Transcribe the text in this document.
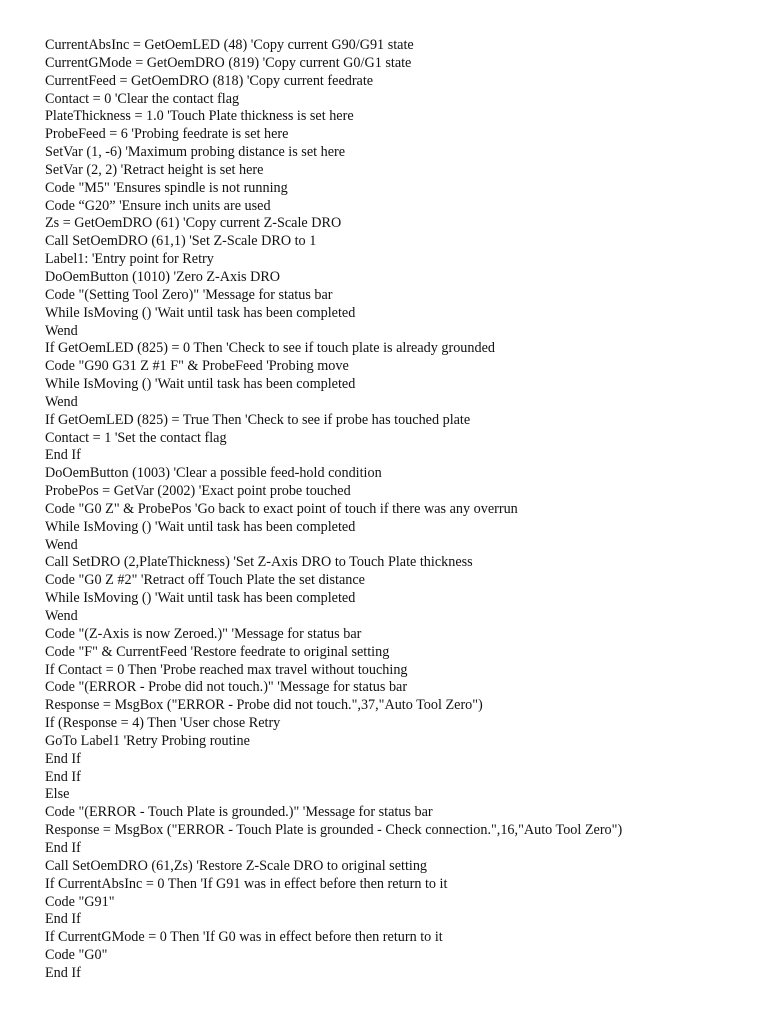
CurrentAbsInc = GetOemLED (48) 'Copy current G90/G91 state
CurrentGMode = GetOemDRO (819) 'Copy current G0/G1 state
CurrentFeed = GetOemDRO (818) 'Copy current feedrate
Contact = 0 'Clear the contact flag
PlateThickness = 1.0 'Touch Plate thickness is set here
ProbeFeed = 6 'Probing feedrate is set here
SetVar (1, -6) 'Maximum probing distance is set here
SetVar (2, 2) 'Retract height is set here
Code "M5" 'Ensures spindle is not running
Code “G20” 'Ensure inch units are used
Zs = GetOemDRO (61) 'Copy current Z-Scale DRO
Call SetOemDRO (61,1) 'Set Z-Scale DRO to 1
Label1: 'Entry point for Retry
DoOemButton (1010) 'Zero Z-Axis DRO
Code "(Setting Tool Zero)" 'Message for status bar
While IsMoving () 'Wait until task has been completed
Wend
If GetOemLED (825) = 0 Then 'Check to see if touch plate is already grounded
Code "G90 G31 Z #1 F" & ProbeFeed 'Probing move
While IsMoving () 'Wait until task has been completed
Wend
If GetOemLED (825) = True Then 'Check to see if probe has touched plate
Contact = 1 'Set the contact flag
End If
DoOemButton (1003) 'Clear a possible feed-hold condition
ProbePos = GetVar (2002) 'Exact point probe touched
Code "G0 Z" & ProbePos 'Go back to exact point of touch if there was any overrun
While IsMoving () 'Wait until task has been completed
Wend
Call SetDRO (2,PlateThickness) 'Set Z-Axis DRO to Touch Plate thickness
Code "G0 Z #2" 'Retract off Touch Plate the set distance
While IsMoving () 'Wait until task has been completed
Wend
Code "(Z-Axis is now Zeroed.)" 'Message for status bar
Code "F" & CurrentFeed 'Restore feedrate to original setting
If Contact = 0 Then 'Probe reached max travel without touching
Code "(ERROR - Probe did not touch.)" 'Message for status bar
Response = MsgBox ("ERROR - Probe did not touch.",37,"Auto Tool Zero")
If (Response = 4) Then 'User chose Retry
GoTo Label1 'Retry Probing routine
End If
End If
Else
Code "(ERROR - Touch Plate is grounded.)" 'Message for status bar
Response = MsgBox ("ERROR - Touch Plate is grounded - Check connection.",16,"Auto Tool Zero")
End If
Call SetOemDRO (61,Zs) 'Restore Z-Scale DRO to original setting
If CurrentAbsInc = 0 Then 'If G91 was in effect before then return to it
Code "G91"
End If
If CurrentGMode = 0 Then 'If G0 was in effect before then return to it
Code "G0"
End If
